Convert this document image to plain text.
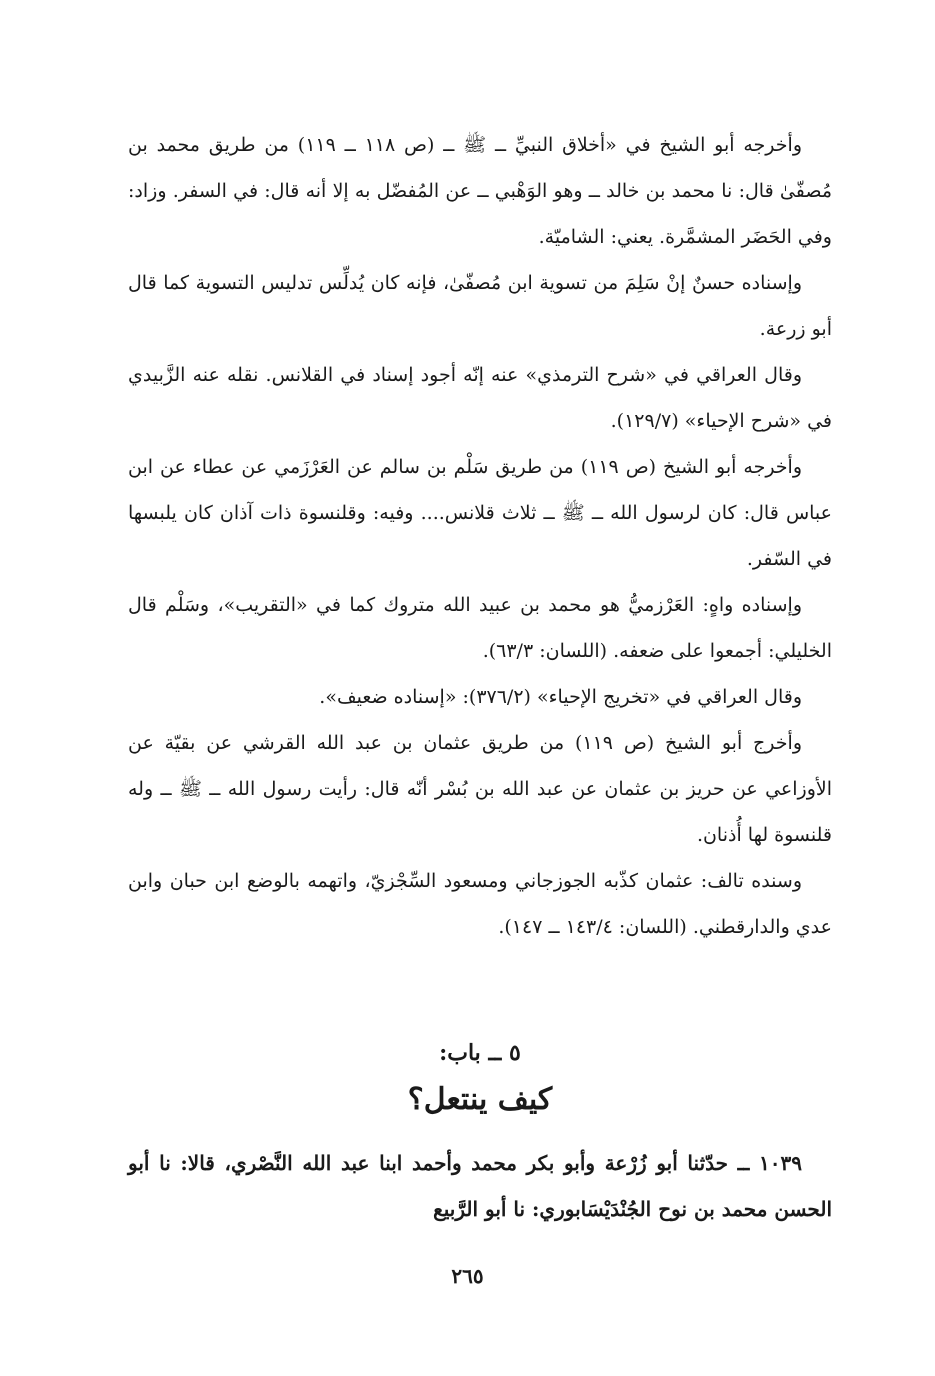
وأخرجه أبو الشيخ في «أخلاق النبيِّ ــ ﷺ ــ (ص ١١٨ ــ ١١٩) من طريق محمد بن مُصفّىٰ قال: نا محمد بن خالد ــ وهو الوَهْبي ــ عن المُفضّل به إلا أنه قال: في السفر. وزاد: وفي الحَضَر المشمَّرة. يعني: الشاميّة.

وإسناده حسنٌ إنْ سَلِمَ من تسوية ابن مُصفّىٰ، فإنه كان يُدلِّس تدليس التسوية كما قال أبو زرعة.

وقال العراقي في «شرح الترمذي» عنه إنّه أجود إسناد في القلانس. نقله عنه الزَّبيدي في «شرح الإحياء» (١٢٩/٧).

وأخرجه أبو الشيخ (ص ١١٩) من طريق سَلْم بن سالم عن العَرْزَمي عن عطاء عن ابن عباس قال: كان لرسول الله ــ ﷺ ــ ثلاث قلانس.... وفيه: وقلنسوة ذات آذان كان يلبسها في السّفر.

وإسناده واهٍ: العَرْزميُّ هو محمد بن عبيد الله متروك كما في «التقريب»، وسَلْم قال الخليلي: أجمعوا على ضعفه. (اللسان: ٦٣/٣).

وقال العراقي في «تخريج الإحياء» (٣٧٦/٢): «إسناده ضعيف».

وأخرج أبو الشيخ (ص ١١٩) من طريق عثمان بن عبد الله القرشي عن بقيّة عن الأوزاعي عن حريز بن عثمان عن عبد الله بن بُسْر أنّه قال: رأيت رسول الله ــ ﷺ ــ وله قلنسوة لها أُذنان.

وسنده تالف: عثمان كذّبه الجوزجاني ومسعود السِّجْزيّ، واتهمه بالوضع ابن حبان وابن عدي والدارقطني. (اللسان: ١٤٣/٤ ــ ١٤٧).

٥ ــ باب:
كيف ينتعل؟

١٠٣٩ ــ حدّثنا أبو زُرْعة وأبو بكر محمد وأحمد ابنا عبد الله النَّصْري، قالا: نا أبو الحسن محمد بن نوح الجُنْدَيْسَابوري: نا أبو الرَّبيع

٢٦٥
